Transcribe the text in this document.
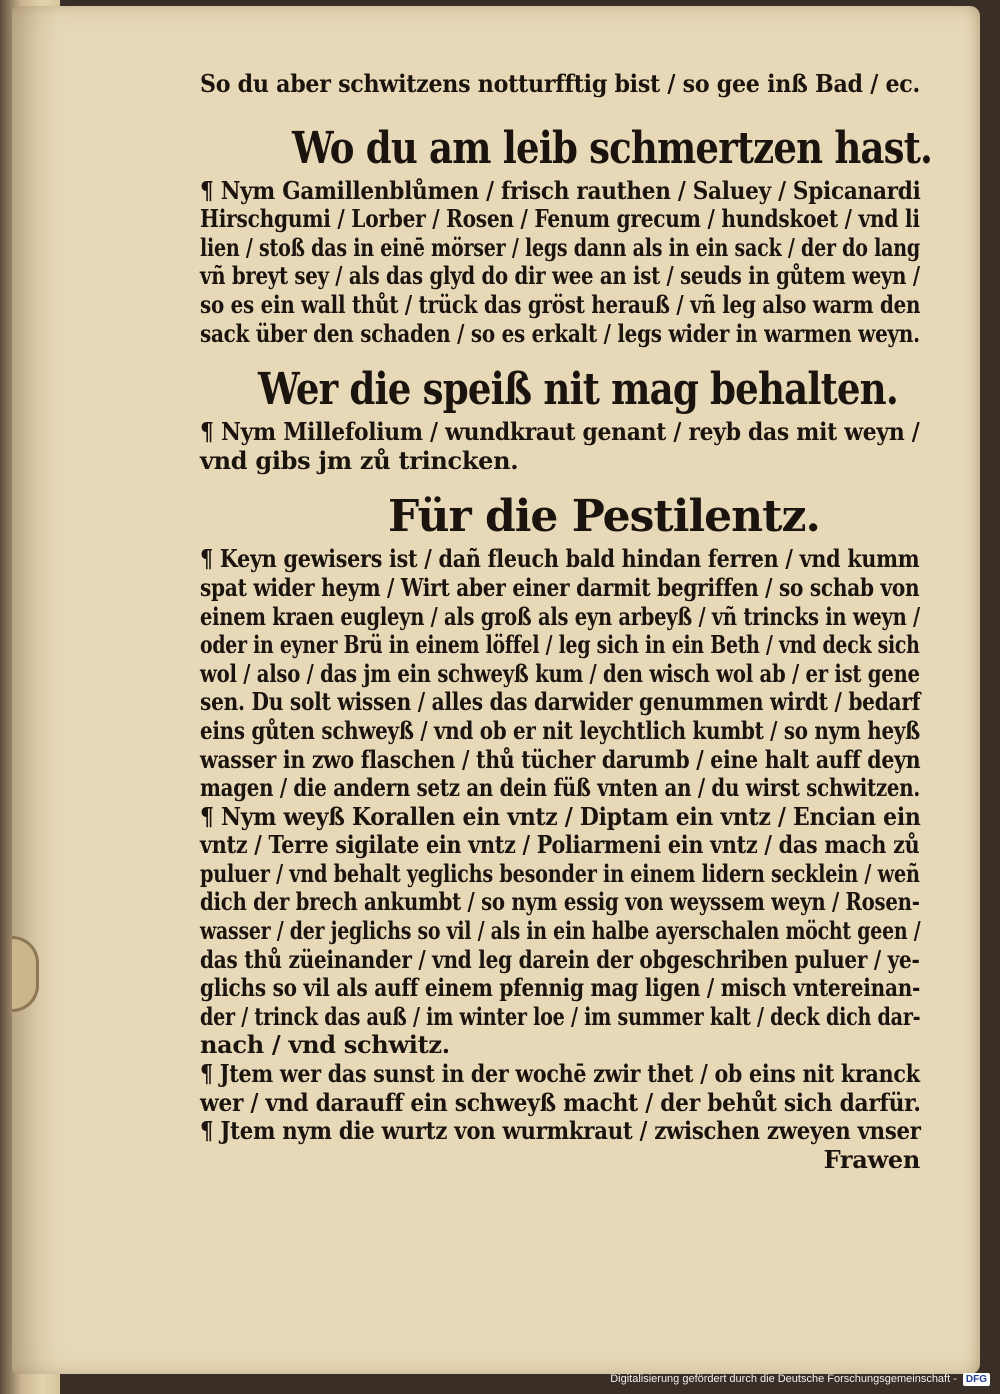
So du aber schwitzens notturfftig bist / so gee inß Bad / ec.
Wo du am leib schmertzen hast.
¶ Nym Gamillenblůmen / frisch rauthen / Saluey / Spicanardi
Hirschgumi / Lorber / Rosen / Fenum grecum / hundskoet / vnd li
lien / stoß das in einē mörser / legs dann als in ein sack / der do lang
vñ breyt sey / als das glyd do dir wee an ist / seuds in gůtem weyn /
so es ein wall thůt / trück das gröst herauß / vñ leg also warm den
sack über den schaden / so es erkalt / legs wider in warmen weyn.
Wer die speiß nit mag behalten.
¶ Nym Millefolium / wundkraut genant / reyb das mit weyn /
vnd gibs jm zů trincken.
Für die Pestilentz.
¶ Keyn gewisers ist / dañ fleuch bald hindan ferren / vnd kumm
spat wider heym / Wirt aber einer darmit begriffen / so schab von
einem kraen eugleyn / als groß als eyn arbeyß / vñ trincks in weyn /
oder in eyner Brü in einem löffel / leg sich in ein Beth / vnd deck sich
wol / also / das jm ein schweyß kum / den wisch wol ab / er ist gene
sen. Du solt wissen / alles das darwider genummen wirdt / bedarf
eins gůten schweyß / vnd ob er nit leychtlich kumbt / so nym heyß
wasser in zwo flaschen / thů tücher darumb / eine halt auff deyn
magen / die andern setz an dein füß vnten an / du wirst schwitzen.
¶ Nym weyß Korallen ein vntz / Diptam ein vntz / Encian ein
vntz / Terre sigilate ein vntz / Poliarmeni ein vntz / das mach zů
puluer / vnd behalt yeglichs besonder in einem lidern secklein / weñ
dich der brech ankumbt / so nym essig von weyssem weyn / Rosen-
wasser / der jeglichs so vil / als in ein halbe ayerschalen möcht geen /
das thů züeinander / vnd leg darein der obgeschriben puluer / ye-
glichs so vil als auff einem pfennig mag ligen / misch vntereinan-
der / trinck das auß / im winter loe / im summer kalt / deck dich dar-
nach / vnd schwitz.
¶ Jtem wer das sunst in der wochē zwir thet / ob eins nit kranck
wer / vnd darauff ein schweyß macht / der behůt sich darfür.
¶ Jtem nym die wurtz von wurmkraut / zwischen zweyen vnser
Frawen
Digitalisierung gefördert durch die Deutsche Forschungsgemeinschaft - DFG
